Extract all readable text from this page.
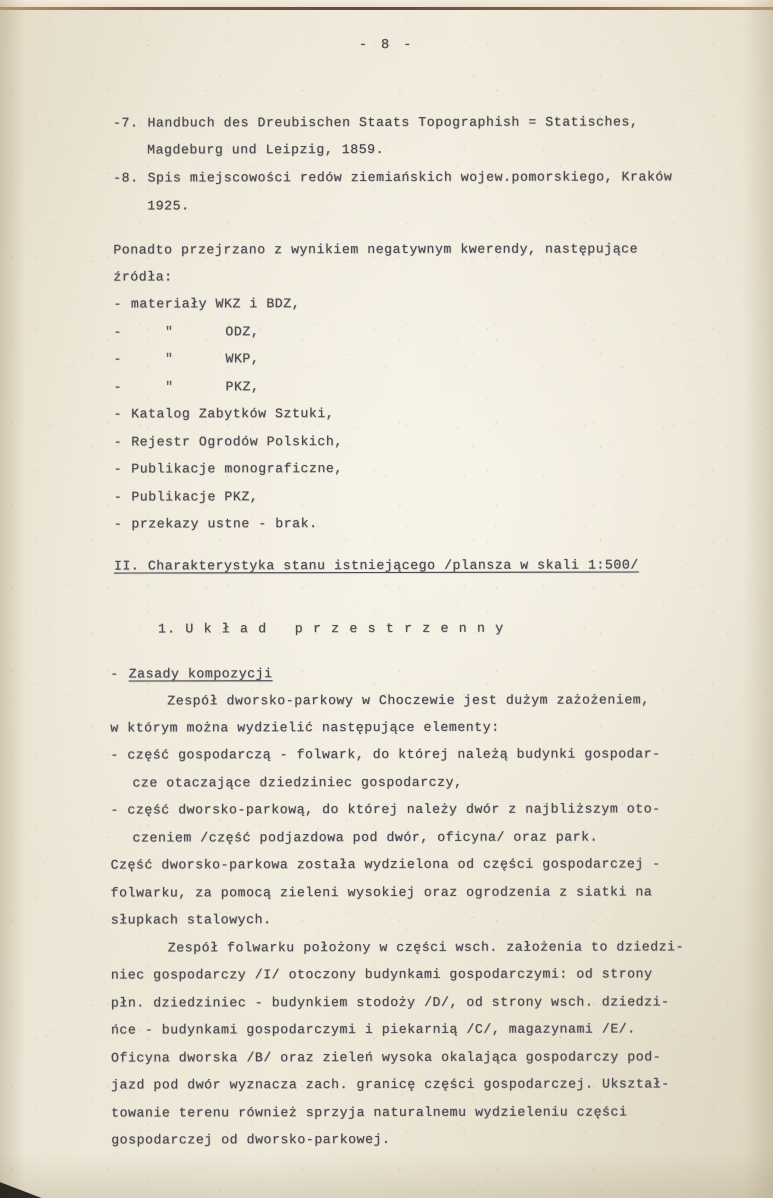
- 8 -

-7. Handbuch des Dreubischen Staats Topographish = Statisches,

Magdeburg und Leipzig, 1859.

-8. Spis miejscowości redów ziemiańskich wojew.pomorskiego, Kraków

1925.

Ponadto przejrzano z wynikiem negatywnym kwerendy, następujące

źródła:

- materiały WKZ i BDZ,

-	"	ODZ,

-	"	WKP,

-	"	PKZ,

- Katalog Zabytków Sztuki,

- Rejestr Ogrodów Polskich,

- Publikacje monograficzne,

- Publikacje PKZ,

- przekazy ustne - brak.

II. Charakterystyka stanu istniejącego /plansza w skali 1:500/

1. U k ł a d   p r z e s t r z e n n y

- Zasady kompozycji

Zespół dworsko-parkowy w Choczewie jest dużym zażożeniem,

w którym można wydzielić następujące elementy:

- część gospodarczą - folwark, do której należą budynki gospodar-

cze otaczające dziedziniec gospodarczy,

- część dworsko-parkową, do której należy dwór z najbliższym oto-

czeniem /część podjazdowa pod dwór, oficyna/ oraz park.

Część dworsko-parkowa została wydzielona od części gospodarczej -

folwarku, za pomocą zieleni wysokiej oraz ogrodzenia z siatki na

słupkach stalowych.

Zespół folwarku położony w części wsch. założenia to dziedzi-

niec gospodarczy /I/ otoczony budynkami gospodarczymi: od strony

płn. dziedziniec - budynkiem stodoży /D/, od strony wsch. dziedzi-

ńce - budynkami gospodarczymi i piekarnią /C/, magazynami /E/.

Oficyna dworska /B/ oraz zieleń wysoka okalająca gospodarczy pod-

jazd pod dwór wyznacza zach. granicę części gospodarczej. Ukształ-

towanie terenu również sprzyja naturalnemu wydzieleniu części

gospodarczej od dworsko-parkowej.
